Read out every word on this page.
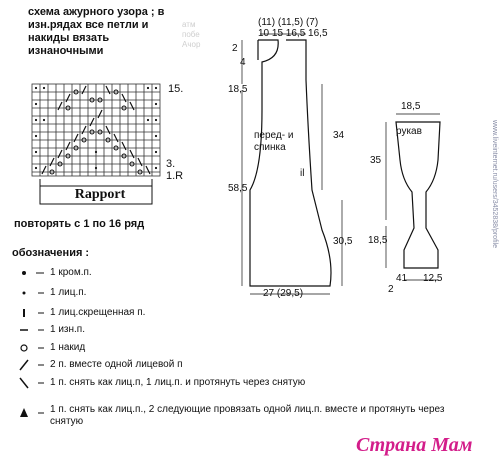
атм
побе
Ачор
схема ажурного узора ; в
изн.рядах все петли и
накиды вязать
изнаночными
15.
3.
1.R
Rapport
повторять с 1 по 16 ряд
обозначения :
1 кром.п.
1 лиц.п.
1 лиц.скрещенная п.
1 изн.п.
1 накид
2 п. вместе одной лицевой п
1 п. снять как лиц.п, 1 лиц.п. и протянуть через снятую
1 п. снять как лиц.п., 2 следующие провязать одной лиц.п. вместе и протянуть через снятую
(11) (11,5) (7)
10 15 16,5 16,5
2
4
18,5
58,5
перед- и спинка
34
il
30,5
27 (29,5)
18,5
рукав
35
18,5
41 12,5
2
www.liveinternet.ru/users/3452838/profile
Страна Мам
